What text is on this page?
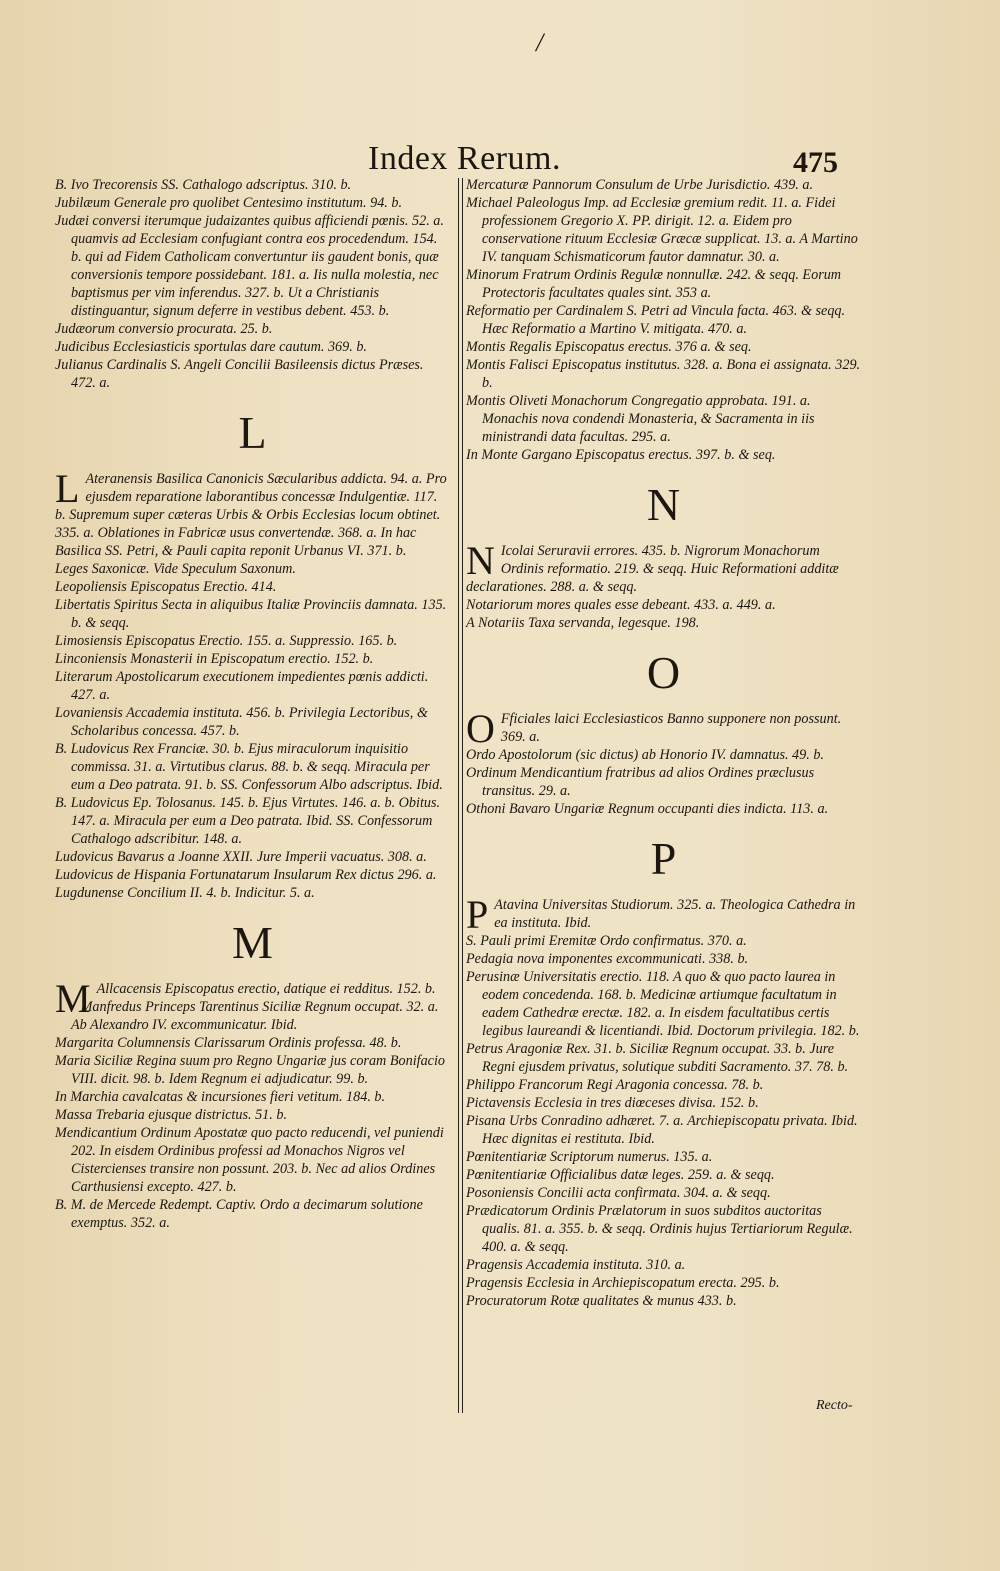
/
Index Rerum.	475

B. Ivo Trecorensis SS. Cathalogo adscriptus. 310. b.

Jubilæum Generale pro quolibet Centesimo institutum. 94. b.

Judæi conversi iterumque judaizantes quibus afficiendi pœnis. 52. a. quamvis ad Ecclesiam confugiant contra eos procedendum. 154. b. qui ad Fidem Catholicam convertuntur iis gaudent bonis, quæ conversionis tempore possidebant. 181. a. Iis nulla molestia, nec baptismus per vim inferendus. 327. b. Ut a Christianis distinguantur, signum deferre in vestibus debent. 453. b.

Judæorum conversio procurata. 25. b.

Judicibus Ecclesiasticis sportulas dare cautum. 369. b.

Julianus Cardinalis S. Angeli Concilii Basileensis dictus Præses. 472. a.

L

L Ateranensis Basilica Canonicis Sæcularibus addicta. 94. a. Pro ejusdem reparatione laborantibus concessæ Indulgentiæ. 117. b. Supremum super cæteras Urbis & Orbis Ecclesias locum obtinet. 335. a. Oblationes in Fabricæ usus convertendæ. 368. a. In hac Basilica SS. Petri, & Pauli capita reponit Urbanus VI. 371. b.

Leges Saxonicæ. Vide Speculum Saxonum.

Leopoliensis Episcopatus Erectio. 414.

Libertatis Spiritus Secta in aliquibus Italiæ Provinciis damnata. 135. b. & seqq.

Limosiensis Episcopatus Erectio. 155. a. Suppressio. 165. b.

Linconiensis Monasterii in Episcopatum erectio. 152. b.

Literarum Apostolicarum executionem impedientes pœnis addicti. 427. a.

Lovaniensis Accademia instituta. 456. b. Privilegia Lectoribus, & Scholaribus concessa. 457. b.

B. Ludovicus Rex Franciæ. 30. b. Ejus miraculorum inquisitio commissa. 31. a. Virtutibus clarus. 88. b. & seqq. Miracula per eum a Deo patrata. 91. b. SS. Confessorum Albo adscriptus. Ibid.

B. Ludovicus Ep. Tolosanus. 145. b. Ejus Virtutes. 146. a. b. Obitus. 147. a. Miracula per eum a Deo patrata. Ibid. SS. Confessorum Cathalogo adscribitur. 148. a.

Ludovicus Bavarus a Joanne XXII. Jure Imperii vacuatus. 308. a.

Ludovicus de Hispania Fortunatarum Insularum Rex dictus 296. a.

Lugdunense Concilium II. 4. b. Indicitur. 5. a.

M

M Allcacensis Episcopatus erectio, datique ei redditus. 152. b.

Manfredus Princeps Tarentinus Siciliæ Regnum occupat. 32. a. Ab Alexandro IV. excommunicatur. Ibid.

Margarita Columnensis Clarissarum Ordinis professa. 48. b.

Maria Siciliæ Regina suum pro Regno Ungariæ jus coram Bonifacio VIII. dicit. 98. b. Idem Regnum ei adjudicatur. 99. b.

In Marchia cavalcatas & incursiones fieri vetitum. 184. b.

Massa Trebaria ejusque districtus. 51. b.

Mendicantium Ordinum Apostatæ quo pacto reducendi, vel puniendi 202. In eisdem Ordinibus professi ad Monachos Nigros vel Cistercienses transire non possunt. 203. b. Nec ad alios Ordines Carthusiensi excepto. 427. b.

B. M. de Mercede Redempt. Captiv. Ordo a decimarum solutione exemptus. 352. a.

Mercaturæ Pannorum Consulum de Urbe Jurisdictio. 439. a.

Michael Paleologus Imp. ad Ecclesiæ gremium redit. 11. a. Fidei professionem Gregorio X. PP. dirigit. 12. a. Eidem pro conservatione rituum Ecclesiæ Græcæ supplicat. 13. a. A Martino IV. tanquam Schismaticorum fautor damnatur. 30. a.

Minorum Fratrum Ordinis Regulæ nonnullæ. 242. & seqq. Eorum Protectoris facultates quales sint. 353 a.

Reformatio per Cardinalem S. Petri ad Vincula facta. 463. & seqq. Hæc Reformatio a Martino V. mitigata. 470. a.

Montis Regalis Episcopatus erectus. 376 a. & seq.

Montis Falisci Episcopatus institutus. 328. a. Bona ei assignata. 329. b.

Montis Oliveti Monachorum Congregatio approbata. 191. a. Monachis nova condendi Monasteria, & Sacramenta in iis ministrandi data facultas. 295. a.

In Monte Gargano Episcopatus erectus. 397. b. & seq.

N

N Icolai Seruravii errores. 435. b. Nigrorum Monachorum Ordinis reformatio. 219. & seqq. Huic Reformationi additæ declarationes. 288. a. & seqq.

Notariorum mores quales esse debeant. 433. a. 449. a.

A Notariis Taxa servanda, legesque. 198.

O

O Fficiales laici Ecclesiasticos Banno supponere non possunt. 369. a.

Ordo Apostolorum (sic dictus) ab Honorio IV. damnatus. 49. b.

Ordinum Mendicantium fratribus ad alios Ordines præclusus transitus. 29. a.

Othoni Bavaro Ungariæ Regnum occupanti dies indicta. 113. a.

P

P Atavina Universitas Studiorum. 325. a. Theologica Cathedra in ea instituta. Ibid.

S. Pauli primi Eremitæ Ordo confirmatus. 370. a.

Pedagia nova imponentes excommunicati. 338. b.

Perusinæ Universitatis erectio. 118. A quo & quo pacto laurea in eodem concedenda. 168. b. Medicinæ artiumque facultatum in eadem Cathedræ erectæ. 182. a. In eisdem facultatibus certis legibus laureandi & licentiandi. Ibid. Doctorum privilegia. 182. b.

Petrus Aragoniæ Rex. 31. b. Siciliæ Regnum occupat. 33. b. Jure Regni ejusdem privatus, solutique subditi Sacramento. 37. 78. b.

Philippo Francorum Regi Aragonia concessa. 78. b.

Pictavensis Ecclesia in tres diœceses divisa. 152. b.

Pisana Urbs Conradino adhæret. 7. a. Archiepiscopatu privata. Ibid. Hæc dignitas ei restituta. Ibid.

Pœnitentiariæ Scriptorum numerus. 135. a.

Pœnitentiariæ Officialibus datæ leges. 259. a. & seqq.

Posoniensis Concilii acta confirmata. 304. a. & seqq.

Prædicatorum Ordinis Prælatorum in suos subditos auctoritas qualis. 81. a. 355. b. & seqq. Ordinis hujus Tertiariorum Regulæ. 400. a. & seqq.

Pragensis Accademia instituta. 310. a.

Pragensis Ecclesia in Archiepiscopatum erecta. 295. b.

Procuratorum Rotæ qualitates & munus 433. b.

Recto-
